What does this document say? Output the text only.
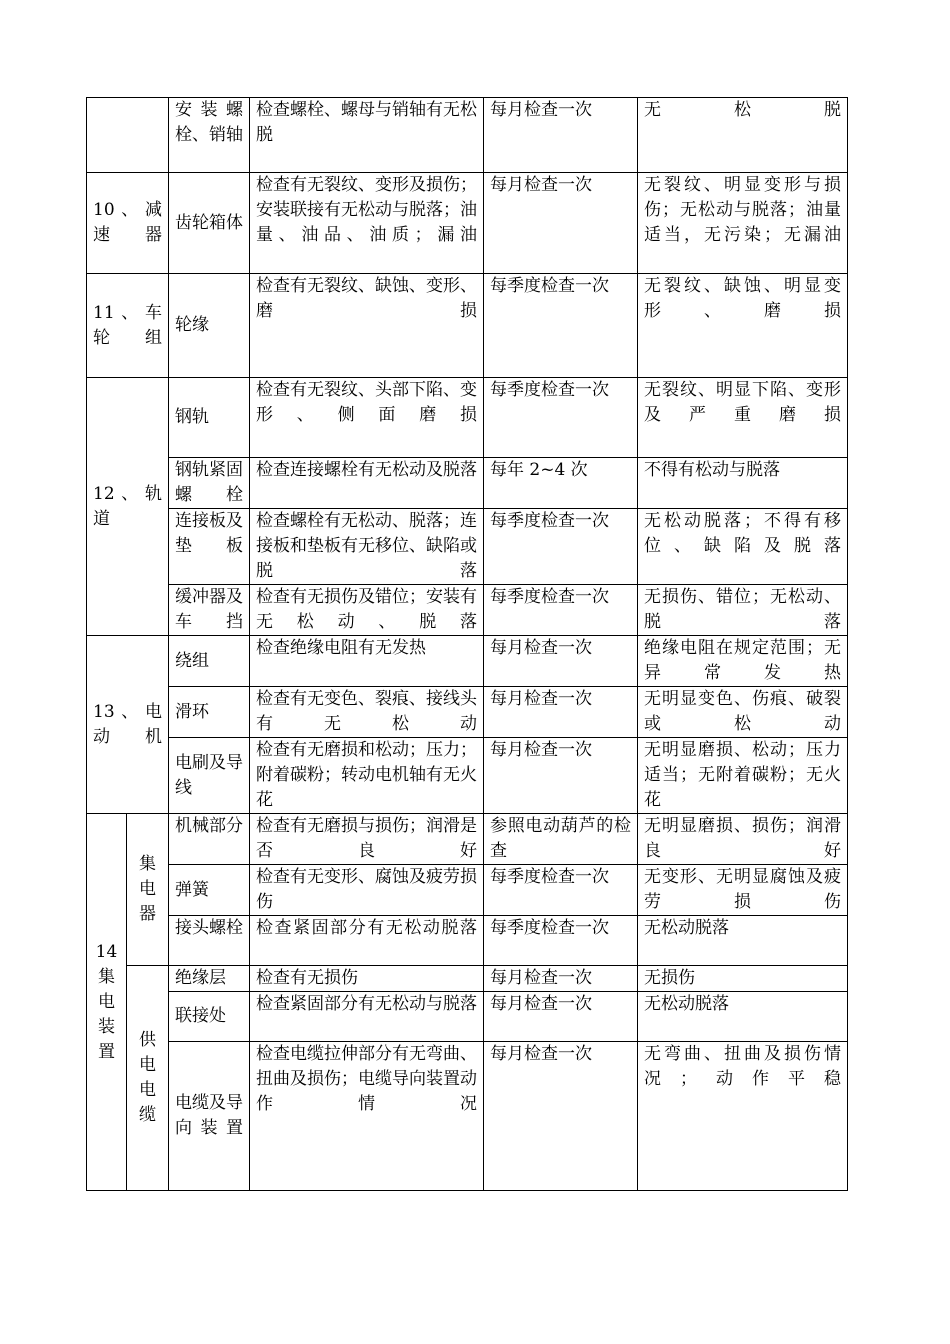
		安装螺栓、销轴	检查螺栓、螺母与销轴有无松脱	每月检查一次	无松脱
10、减速器		齿轮箱体	检查有无裂纹、变形及损伤；安装联接有无松动与脱落；油量、油品、油质；漏油	每月检查一次	无裂纹、明显变形与损伤；无松动与脱落；油量适当，无污染；无漏油
11、车轮组		轮缘	检查有无裂纹、缺蚀、变形、磨损	每季度检查一次	无裂纹、缺蚀、明显变形、磨损
12、轨道		钢轨	检查有无裂纹、头部下陷、变形、侧面磨损	每季度检查一次	无裂纹、明显下陷、变形及严重磨损
		钢轨紧固螺栓	检查连接螺栓有无松动及脱落	每年 2~4 次	不得有松动与脱落
		连接板及垫板	检查螺栓有无松动、脱落；连接板和垫板有无移位、缺陷或脱落	每季度检查一次	无松动脱落；不得有移位、缺陷及脱落
		缓冲器及车挡	检查有无损伤及错位；安装有无松动、脱落	每季度检查一次	无损伤、错位；无松动、脱落
13、电动机		绕组	检查绝缘电阻有无发热	每月检查一次	绝缘电阻在规定范围；无异常发热
		滑环	检查有无变色、裂痕、接线头有无松动	每月检查一次	无明显变色、伤痕、破裂或松动
		电刷及导线	检查有无磨损和松动；压力；附着碳粉；转动电机轴有无火花	每月检查一次	无明显磨损、松动；压力适当；无附着碳粉；无火花
14集电装置	集电器	机械部分	检查有无磨损与损伤；润滑是否良好	参照电动葫芦的检查	无明显磨损、损伤；润滑良好
		弹簧	检查有无变形、腐蚀及疲劳损伤	每季度检查一次	无变形、无明显腐蚀及疲劳损伤
		接头螺栓	检查紧固部分有无松动脱落	每季度检查一次	无松动脱落
	供电电缆	绝缘层	检查有无损伤	每月检查一次	无损伤
		联接处	检查紧固部分有无松动与脱落	每月检查一次	无松动脱落
		电缆及导向装置	检查电缆拉伸部分有无弯曲、扭曲及损伤；电缆导向装置动作情况	每月检查一次	无弯曲、扭曲及损伤情况；动作平稳
